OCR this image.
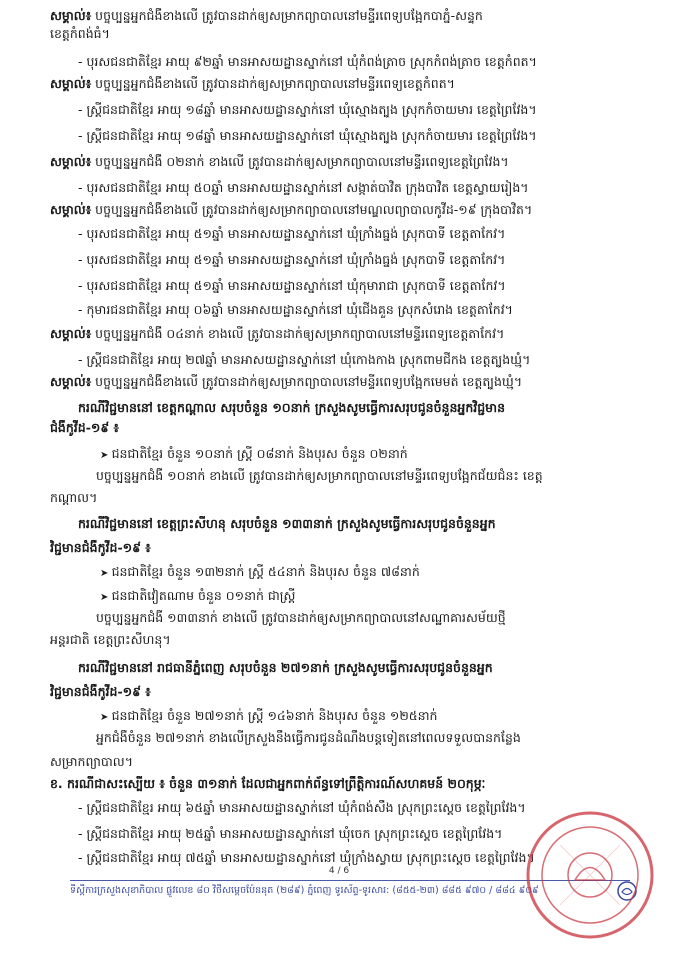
សម្គាល់៖ បច្ចុប្បន្នអ្នកជំងឺខាងលើ ត្រូវបានដាក់ឲ្យសម្រាកព្យាបាលនៅមន្ទីរពេទ្យបង្អែកបាភ្នំ-សន្ទុក
ខេត្តកំពង់ធំ។
- បុរសជនជាតិខ្មែរ អាយុ ៩២ឆ្នាំ មានអាសយដ្ឋានស្នាក់នៅ ឃុំកំពង់ត្រាច ស្រុកកំពង់ត្រាច ខេត្តកំពត។
សម្គាល់៖ បច្ចុប្បន្នអ្នកជំងឺខាងលើ ត្រូវបានដាក់ឲ្យសម្រាកព្យាបាលនៅមន្ទីរពេទ្យខេត្តកំពត។
- ស្ត្រីជនជាតិខ្មែរ អាយុ ១៨ឆ្នាំ មានអាសយដ្ឋានស្នាក់នៅ ឃុំស្មោងត្បូង ស្រុកកំចាយមារ ខេត្តព្រៃវែង។
- ស្ត្រីជនជាតិខ្មែរ អាយុ ១៨ឆ្នាំ មានអាសយដ្ឋានស្នាក់នៅ ឃុំស្មោងត្បូង ស្រុកកំចាយមារ ខេត្តព្រៃវែង។
សម្គាល់៖ បច្ចុប្បន្នអ្នកជំងឺ ០២នាក់ ខាងលើ ត្រូវបានដាក់ឲ្យសម្រាកព្យាបាលនៅមន្ទីរពេទ្យខេត្តព្រៃវែង។
- បុរសជនជាតិខ្មែរ អាយុ ៥០ឆ្នាំ មានអាសយដ្ឋានស្នាក់នៅ សង្កាត់បាវិត ក្រុងបាវិត ខេត្តស្វាយរៀង។
សម្គាល់៖ បច្ចុប្បន្នអ្នកជំងឺខាងលើ ត្រូវបានដាក់ឲ្យសម្រាកព្យាបាលនៅមណ្ឌលព្យាបាលកូវីដ-១៩ ក្រុងបាវិត។
- បុរសជនជាតិខ្មែរ អាយុ ៥១ឆ្នាំ មានអាសយដ្ឋានស្នាក់នៅ ឃុំក្រាំងធ្នង់ ស្រុកបាទី ខេត្តតាកែវ។
- បុរសជនជាតិខ្មែរ អាយុ ៥១ឆ្នាំ មានអាសយដ្ឋានស្នាក់នៅ ឃុំក្រាំងធ្នង់ ស្រុកបាទី ខេត្តតាកែវ។
- បុរសជនជាតិខ្មែរ អាយុ ៥១ឆ្នាំ មានអាសយដ្ឋានស្នាក់នៅ ឃុំកុមារាជា ស្រុកបាទី ខេត្តតាកែវ។
- កុមារជនជាតិខ្មែរ អាយុ ០៦ឆ្នាំ មានអាសយដ្ឋានស្នាក់នៅ ឃុំជើងគួន ស្រុកសំរោង ខេត្តតាកែវ។
សម្គាល់៖ បច្ចុប្បន្នអ្នកជំងឺ ០៤នាក់ ខាងលើ ត្រូវបានដាក់ឲ្យសម្រាកព្យាបាលនៅមន្ទីរពេទ្យខេត្តតាកែវ។
- ស្ត្រីជនជាតិខ្មែរ អាយុ ២៧ឆ្នាំ មានអាសយដ្ឋានស្នាក់នៅ ឃុំកោងកាង ស្រុកពាមជីកង ខេត្តត្បូងឃ្មុំ។
សម្គាល់៖ បច្ចុប្បន្នអ្នកជំងឺខាងលើ ត្រូវបានដាក់ឲ្យសម្រាកព្យាបាលនៅមន្ទីរពេទ្យបង្អែកមេមត់ ខេត្តត្បូងឃ្មុំ។
ករណីវិជ្ជមាននៅ ខេត្តកណ្ដាល សរុបចំនួន ១០នាក់ ក្រសួងសូមធ្វើការសរុបជូនចំនួនអ្នកវិជ្ជមាន
ជំងឺកូវីដ-១៩ ៖
➤ ជនជាតិខ្មែរ ចំនួន ១០នាក់ ស្ត្រី ០៨នាក់ និងបុរស ចំនួន ០២នាក់
បច្ចុប្បន្នអ្នកជំងឺ ១០នាក់ ខាងលើ ត្រូវបានដាក់ឲ្យសម្រាកព្យាបាលនៅមន្ទីរពេទ្យបង្អែកជ័យជំនះ ខេត្ត
កណ្ដាល។
ករណីវិជ្ជមាននៅ ខេត្តព្រះសីហនុ សរុបចំនួន ១៣៣នាក់ ក្រសួងសូមធ្វើការសរុបជូនចំនួនអ្នក
វិជ្ជមានជំងឺកូវីដ-១៩ ៖
➤ ជនជាតិខ្មែរ ចំនួន ១៣២នាក់ ស្ត្រី ៥៤នាក់ និងបុរស ចំនួន ៧៨នាក់
➤ ជនជាតិវៀតណាម ចំនួន ០១នាក់ ជាស្ត្រី
បច្ចុប្បន្នអ្នកជំងឺ ១៣៣នាក់ ខាងលើ ត្រូវបានដាក់ឲ្យសម្រាកព្យាបាលនៅសណ្ឋាគារសម័យថ្មី
អន្តរជាតិ ខេត្តព្រះសីហនុ។
ករណីវិជ្ជមាននៅ រាជធានីភ្នំពេញ សរុបចំនួន ២៧១នាក់ ក្រសួងសូមធ្វើការសរុបជូនចំនួនអ្នក
វិជ្ជមានជំងឺកូវីដ-១៩ ៖
➤ ជនជាតិខ្មែរ ចំនួន ២៧១នាក់ ស្ត្រី ១៤៦នាក់ និងបុរស ចំនួន ១២៥នាក់
អ្នកជំងឺចំនួន ២៧១នាក់ ខាងលើក្រសួងនឹងធ្វើការជូនដំណឹងបន្តទៀតនៅពេលទទួលបានកន្លែង
សម្រាកព្យាបាល។
ខ. ករណីជាសះស្បើយ ៖ ចំនួន ៣១នាក់ ដែលជាអ្នកពាក់ព័ន្ធទៅព្រឹត្តិការណ៍សហគមន៍ ២០កុម្ភៈ
- ស្ត្រីជនជាតិខ្មែរ អាយុ ៦៥ឆ្នាំ មានអាសយដ្ឋានស្នាក់នៅ ឃុំកំពង់សឹង ស្រុកព្រះស្ដេច ខេត្តព្រៃវែង។
- ស្ត្រីជនជាតិខ្មែរ អាយុ ២៥ឆ្នាំ មានអាសយដ្ឋានស្នាក់នៅ ឃុំចេក ស្រុកព្រះស្ដេច ខេត្តព្រៃវែង។
- ស្ត្រីជនជាតិខ្មែរ អាយុ ៧៥ឆ្នាំ មានអាសយដ្ឋានស្នាក់នៅ ឃុំក្រាំងស្វាយ ស្រុកព្រះស្ដេច ខេត្តព្រៃវែង។
4 / 6
ទីស្ដីការក្រសួងសុខាភិបាល ផ្លូវលេខ ៨០ វិថីសម្ដេចប៉ែននុត (២៨៩) ភ្នំពេញ ទូរស័ព្ទ-ទូរសារ: (៨៥៥-២៣) ៨៨៥ ៩៧០ / ៨៨៤ ៩០៩
